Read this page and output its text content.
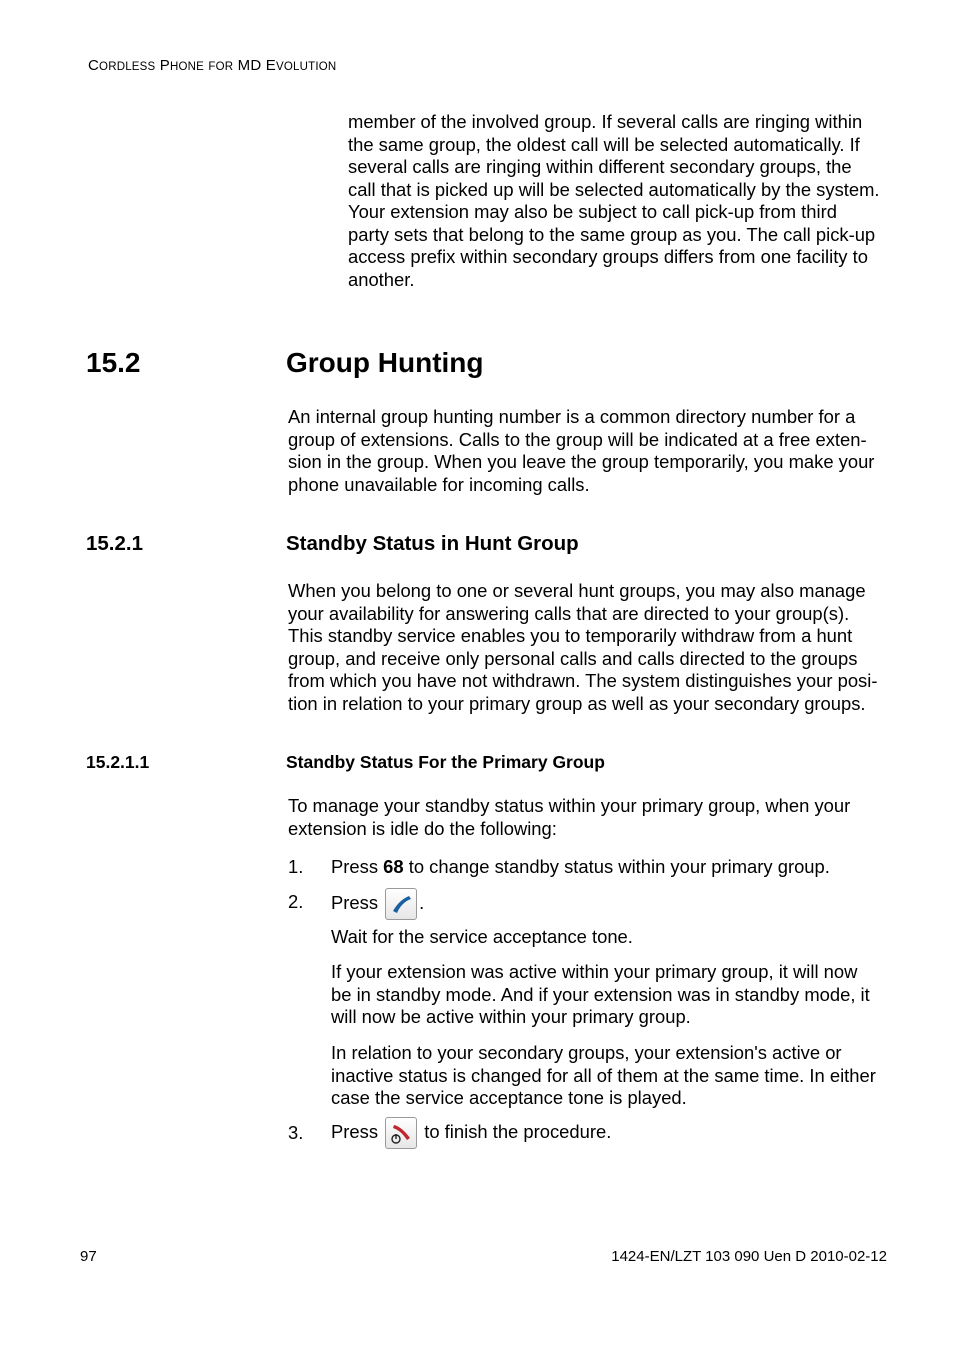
CORDLESS PHONE FOR MD EVOLUTION
member of the involved group. If several calls are ringing within
the same group, the oldest call will be selected automatically. If
several calls are ringing within different secondary groups, the
call that is picked up will be selected automatically by the system.
Your extension may also be subject to call pick-up from third
party sets that belong to the same group as you. The call pick-up
access prefix within secondary groups differs from one facility to
another.
15.2	Group Hunting
An internal group hunting number is a common directory number for a
group of extensions. Calls to the group will be indicated at a free exten-
sion in the group. When you leave the group temporarily, you make your
phone unavailable for incoming calls.
15.2.1	Standby Status in Hunt Group
When you belong to one or several hunt groups, you may also manage
your availability for answering calls that are directed to your group(s).
This standby service enables you to temporarily withdraw from a hunt
group, and receive only personal calls and calls directed to the groups
from which you have not withdrawn. The system distinguishes your posi-
tion in relation to your primary group as well as your secondary groups.
15.2.1.1	Standby Status For the Primary Group
To manage your standby status within your primary group, when your
extension is idle do the following:
1. Press 68 to change standby status within your primary group.
2. Press
.
Wait for the service acceptance tone.
If your extension was active within your primary group, it will now
be in standby mode. And if your extension was in standby mode, it
will now be active within your primary group.
In relation to your secondary groups, your extension's active or
inactive status is changed for all of them at the same time. In either
case the service acceptance tone is played.
3. Press
to finish the procedure.
97	1424-EN/LZT 103 090 Uen D 2010-02-12
